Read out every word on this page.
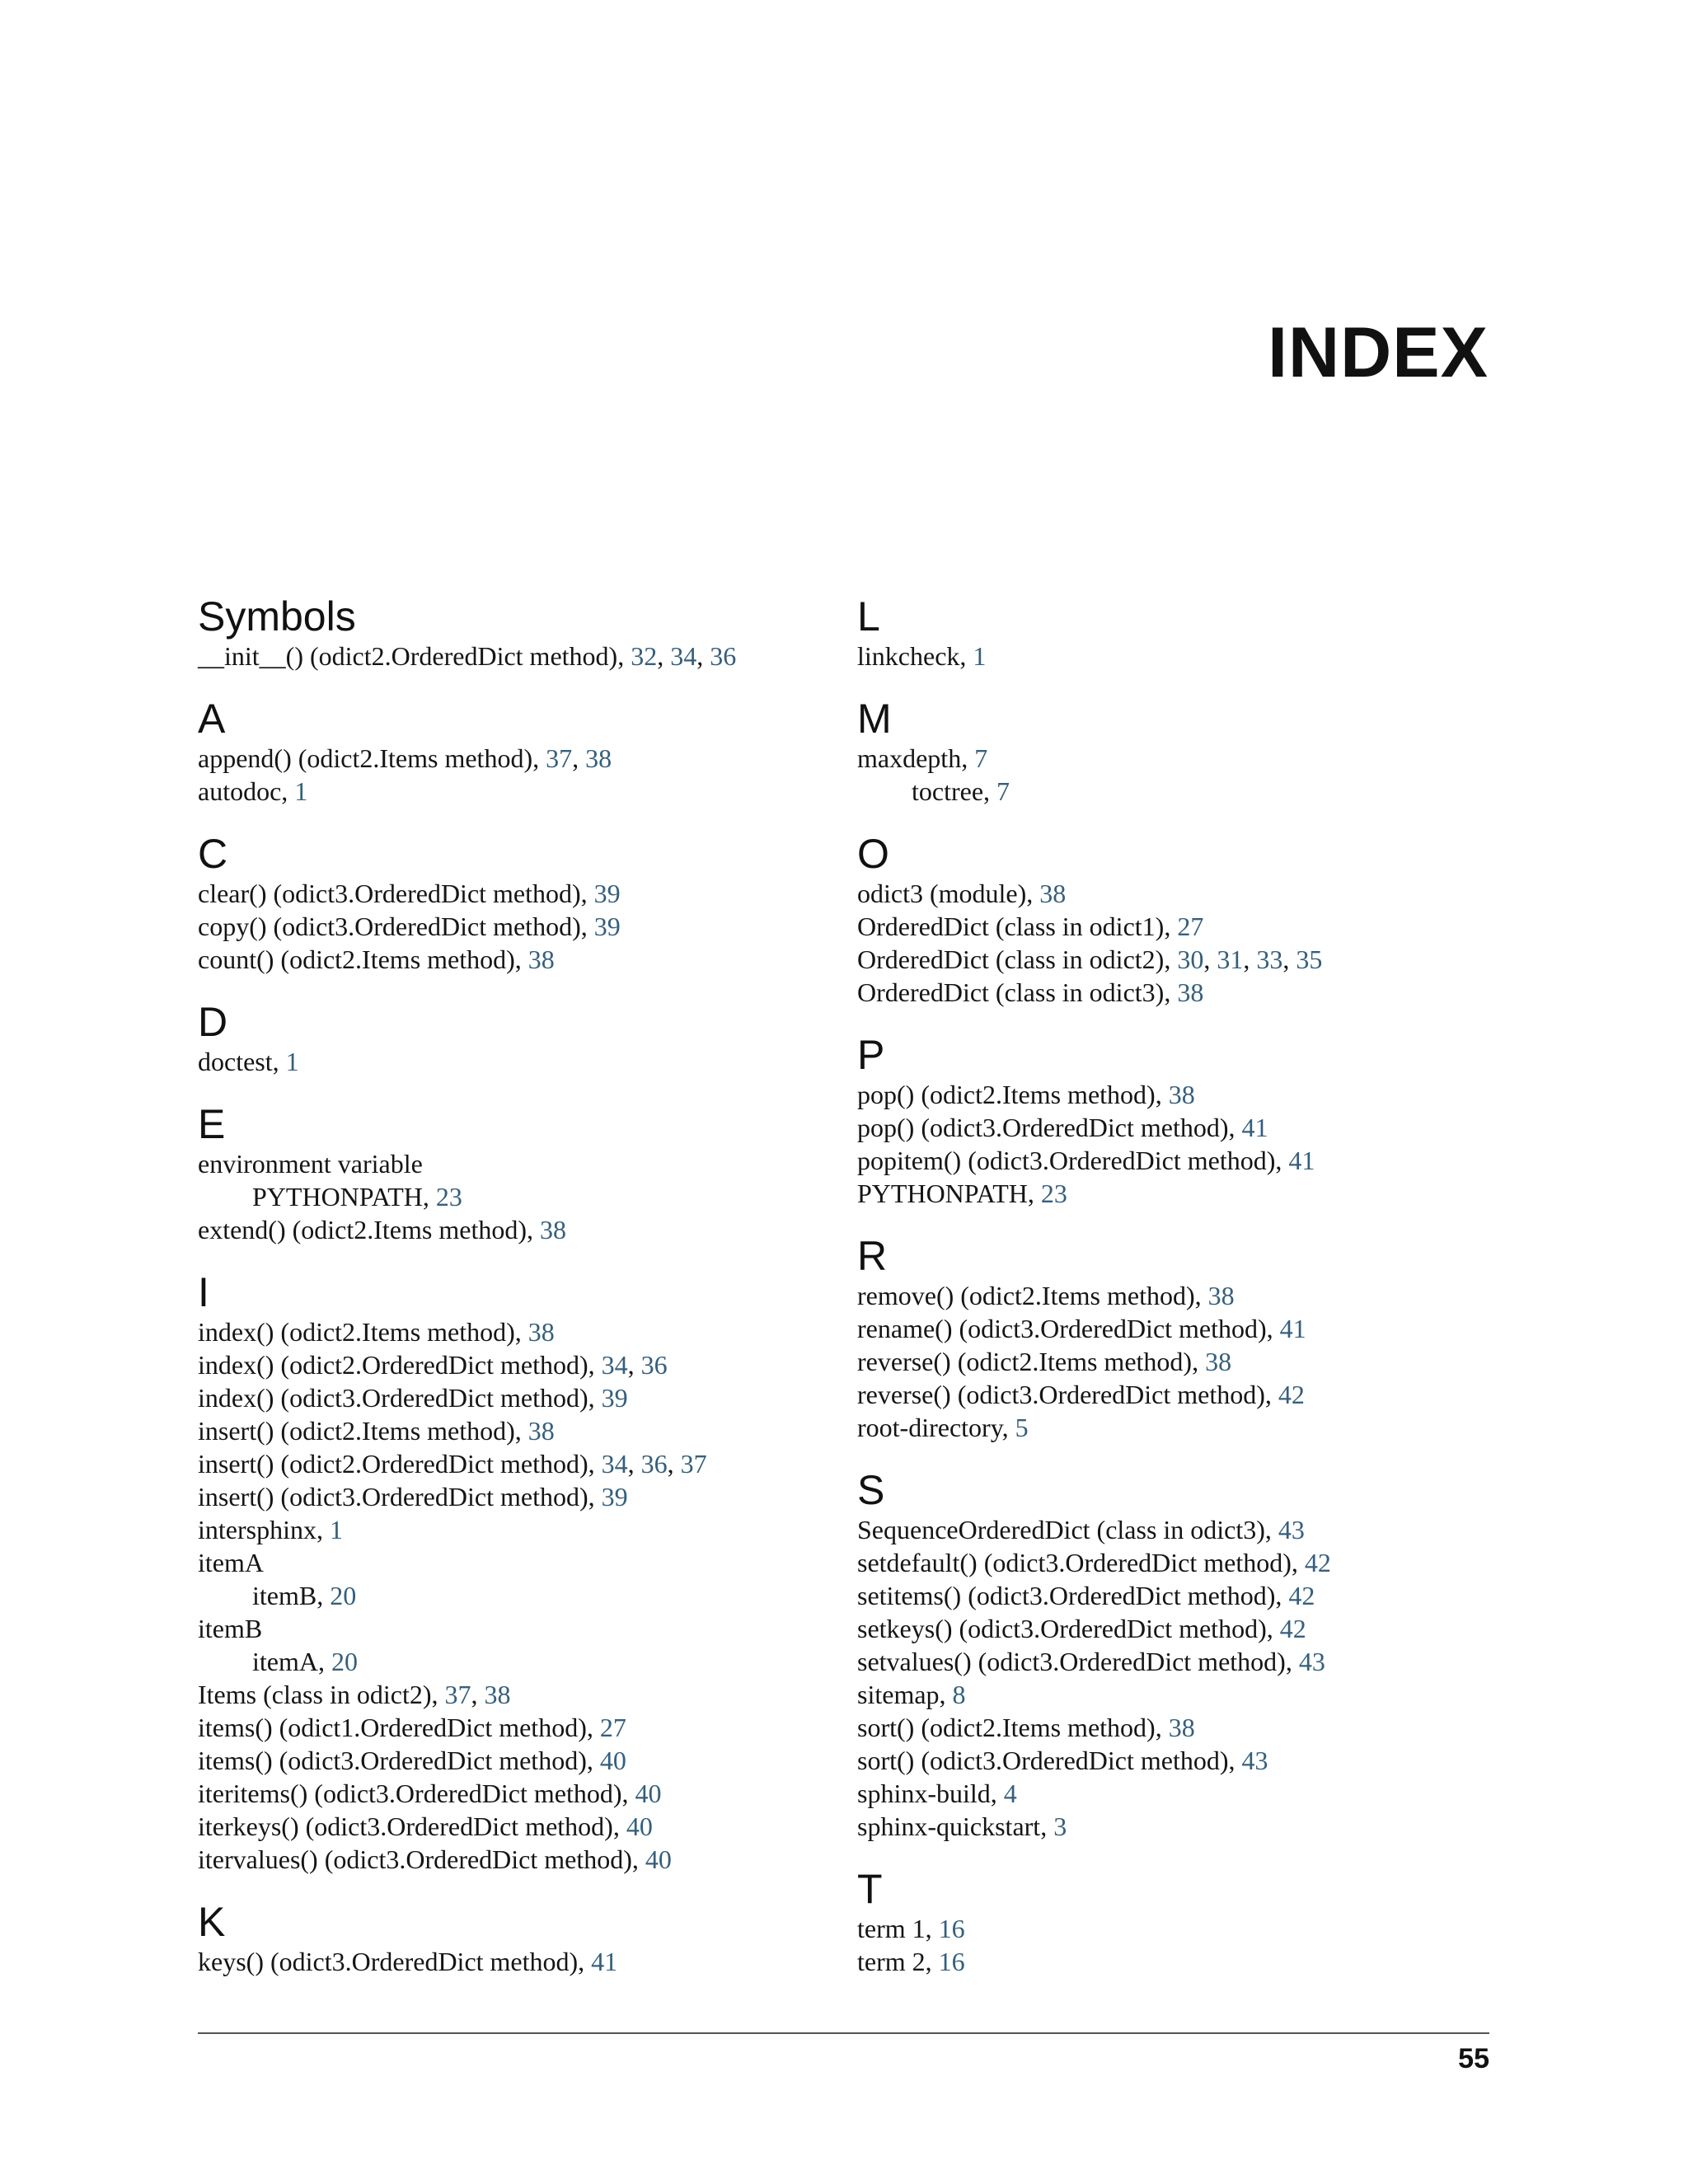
INDEX
Symbols
__init__() (odict2.OrderedDict method), 32, 34, 36
A
append() (odict2.Items method), 37, 38
autodoc, 1
C
clear() (odict3.OrderedDict method), 39
copy() (odict3.OrderedDict method), 39
count() (odict2.Items method), 38
D
doctest, 1
E
environment variable
PYTHONPATH, 23
extend() (odict2.Items method), 38
I
index() (odict2.Items method), 38
index() (odict2.OrderedDict method), 34, 36
index() (odict3.OrderedDict method), 39
insert() (odict2.Items method), 38
insert() (odict2.OrderedDict method), 34, 36, 37
insert() (odict3.OrderedDict method), 39
intersphinx, 1
itemA
itemB, 20
itemB
itemA, 20
Items (class in odict2), 37, 38
items() (odict1.OrderedDict method), 27
items() (odict3.OrderedDict method), 40
iteritems() (odict3.OrderedDict method), 40
iterkeys() (odict3.OrderedDict method), 40
itervalues() (odict3.OrderedDict method), 40
K
keys() (odict3.OrderedDict method), 41
L
linkcheck, 1
M
maxdepth, 7
toctree, 7
O
odict3 (module), 38
OrderedDict (class in odict1), 27
OrderedDict (class in odict2), 30, 31, 33, 35
OrderedDict (class in odict3), 38
P
pop() (odict2.Items method), 38
pop() (odict3.OrderedDict method), 41
popitem() (odict3.OrderedDict method), 41
PYTHONPATH, 23
R
remove() (odict2.Items method), 38
rename() (odict3.OrderedDict method), 41
reverse() (odict2.Items method), 38
reverse() (odict3.OrderedDict method), 42
root-directory, 5
S
SequenceOrderedDict (class in odict3), 43
setdefault() (odict3.OrderedDict method), 42
setitems() (odict3.OrderedDict method), 42
setkeys() (odict3.OrderedDict method), 42
setvalues() (odict3.OrderedDict method), 43
sitemap, 8
sort() (odict2.Items method), 38
sort() (odict3.OrderedDict method), 43
sphinx-build, 4
sphinx-quickstart, 3
T
term 1, 16
term 2, 16
55
